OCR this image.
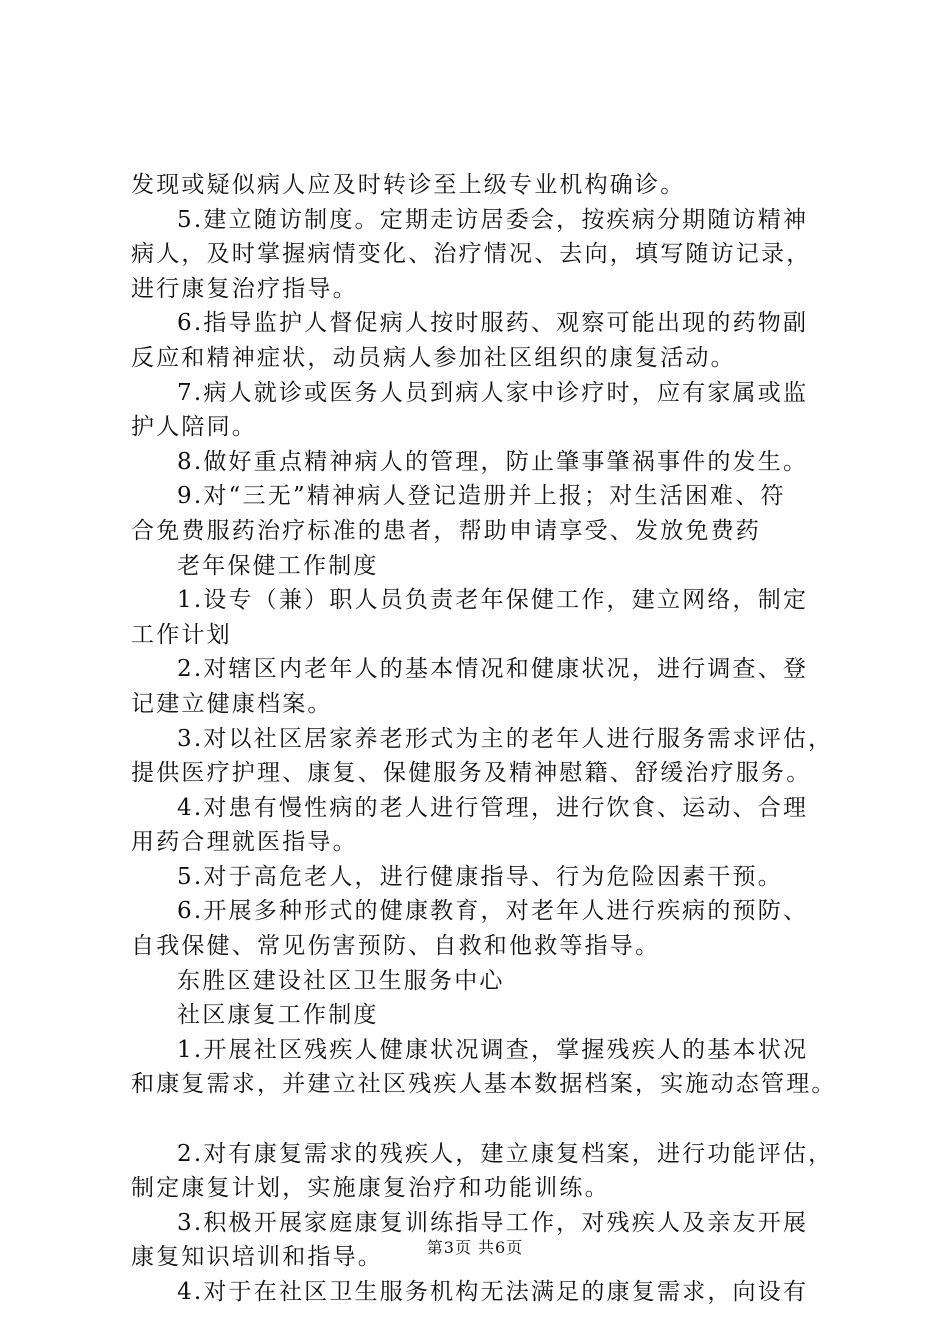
发现或疑似病人应及时转诊至上级专业机构确诊。
5.建立随访制度。定期走访居委会，按疾病分期随访精神
病人，及时掌握病情变化、治疗情况、去向，填写随访记录，
进行康复治疗指导。
6.指导监护人督促病人按时服药、观察可能出现的药物副
反应和精神症状，动员病人参加社区组织的康复活动。
7.病人就诊或医务人员到病人家中诊疗时，应有家属或监
护人陪同。
8.做好重点精神病人的管理，防止肇事肇祸事件的发生。
9.对“三无”精神病人登记造册并上报；对生活困难、符
合免费服药治疗标准的患者，帮助申请享受、发放免费药
老年保健工作制度
1.设专（兼）职人员负责老年保健工作，建立网络，制定
工作计划
2.对辖区内老年人的基本情况和健康状况，进行调查、登
记建立健康档案。
3.对以社区居家养老形式为主的老年人进行服务需求评估，
提供医疗护理、康复、保健服务及精神慰籍、舒缓治疗服务。
4.对患有慢性病的老人进行管理，进行饮食、运动、合理
用药合理就医指导。
5.对于高危老人，进行健康指导、行为危险因素干预。
6.开展多种形式的健康教育，对老年人进行疾病的预防、
自我保健、常见伤害预防、自救和他救等指导。
东胜区建设社区卫生服务中心
社区康复工作制度
1.开展社区残疾人健康状况调查，掌握残疾人的基本状况
和康复需求，并建立社区残疾人基本数据档案，实施动态管理。
2.对有康复需求的残疾人，建立康复档案，进行功能评估，
制定康复计划，实施康复治疗和功能训练。
3.积极开展家庭康复训练指导工作，对残疾人及亲友开展
康复知识培训和指导。
4.对于在社区卫生服务机构无法满足的康复需求，向设有
第3页 共6页
